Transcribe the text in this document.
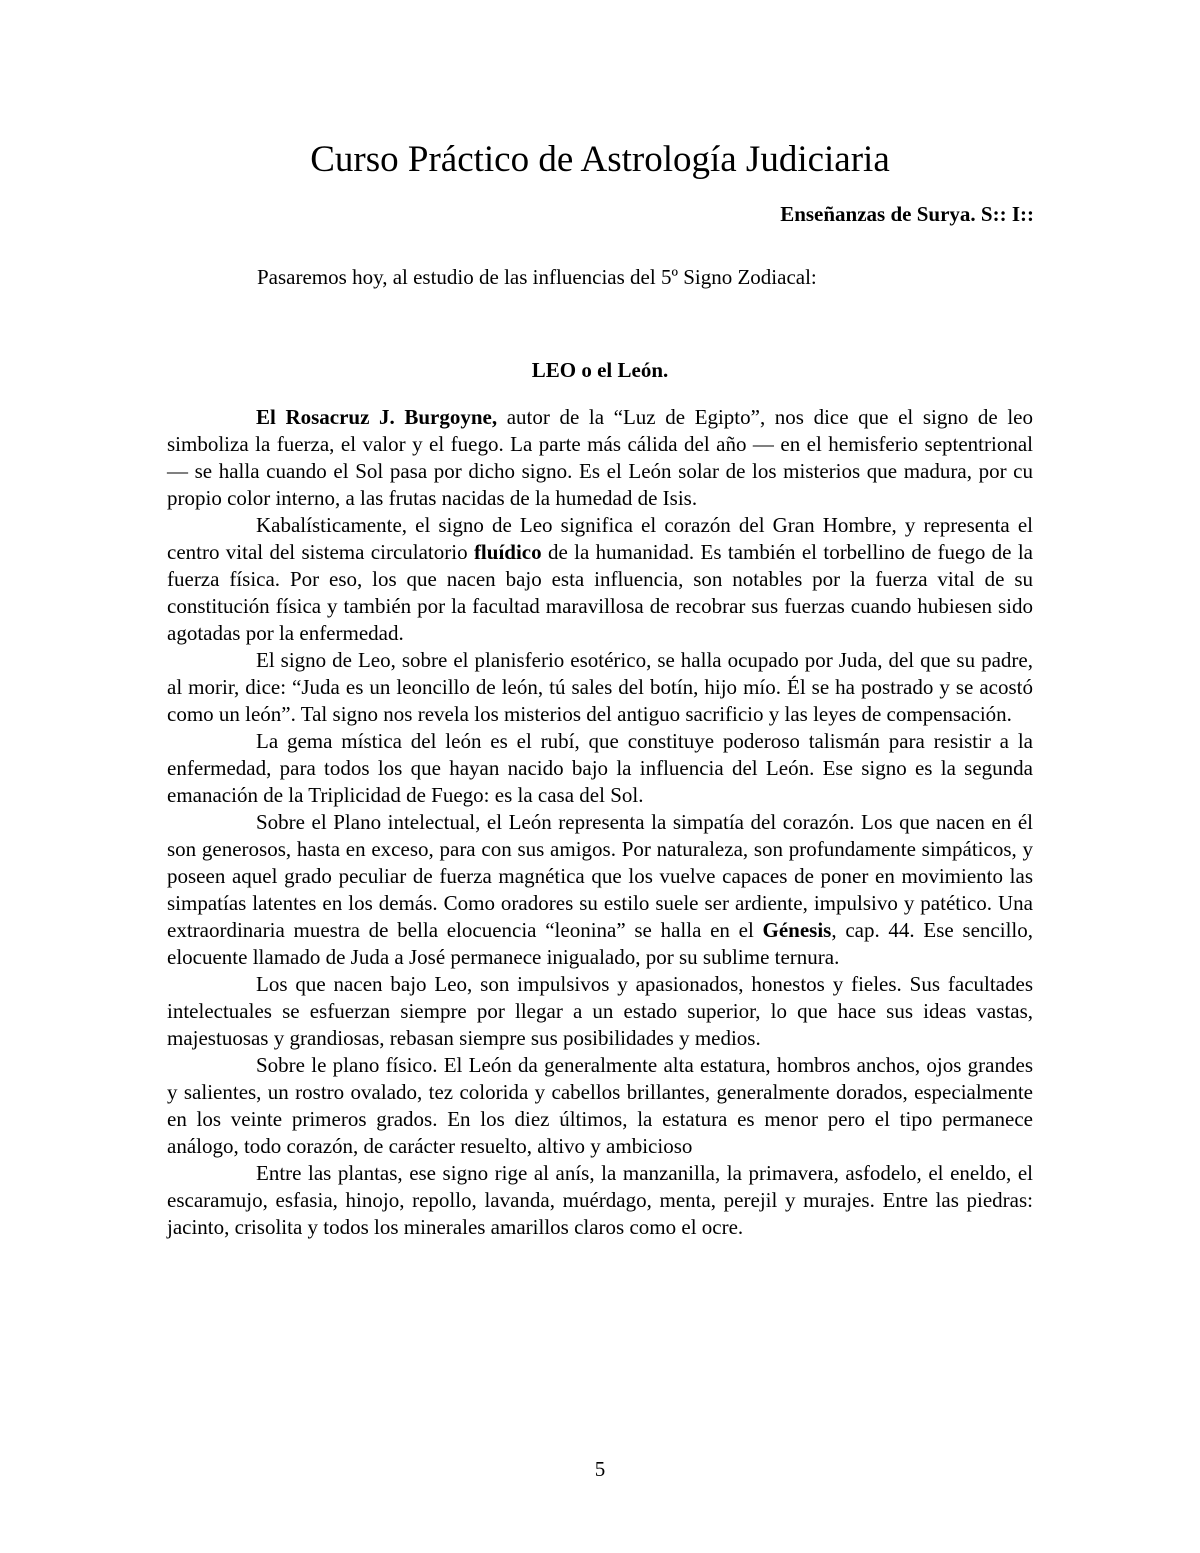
Curso Práctico de Astrología Judiciaria

Enseñanzas de Surya. S:: I::

Pasaremos hoy, al estudio de las influencias del 5º Signo Zodiacal:

LEO o el León.

El Rosacruz J. Burgoyne, autor de la “Luz de Egipto”, nos dice que el signo de leo simboliza la fuerza, el valor y el fuego. La parte más cálida del año — en el hemisferio septentrional — se halla cuando el Sol pasa por dicho signo. Es el León solar de los misterios que madura, por cu propio color interno, a las frutas nacidas de la humedad de Isis.

Kabalísticamente, el signo de Leo significa el corazón del Gran Hombre, y representa el centro vital del sistema circulatorio fluídico de la humanidad. Es también el torbellino de fuego de la fuerza física. Por eso, los que nacen bajo esta influencia, son notables por la fuerza vital de su constitución física y también por la facultad maravillosa de recobrar sus fuerzas cuando hubiesen sido agotadas por la enfermedad.

El signo de Leo, sobre el planisferio esotérico, se halla ocupado por Juda, del que su padre, al morir, dice: “Juda es un leoncillo de león, tú sales del botín, hijo mío. Él se ha postrado y se acostó como un león”. Tal signo nos revela los misterios del antiguo sacrificio y las leyes de compensación.

La gema mística del león es el rubí, que constituye poderoso talismán para resistir a la enfermedad, para todos los que hayan nacido bajo la influencia del León. Ese signo es la segunda emanación de la Triplicidad de Fuego: es la casa del Sol.

Sobre el Plano intelectual, el León representa la simpatía del corazón. Los que nacen en él son generosos, hasta en exceso, para con sus amigos. Por naturaleza, son profundamente simpáticos, y poseen aquel grado peculiar de fuerza magnética que los vuelve capaces de poner en movimiento las simpatías latentes en los demás. Como oradores su estilo suele ser ardiente, impulsivo y patético. Una extraordinaria muestra de bella elocuencia “leonina” se halla en el Génesis, cap. 44. Ese sencillo, elocuente llamado de Juda a José permanece inigualado, por su sublime ternura.

Los que nacen bajo Leo, son impulsivos y apasionados, honestos y fieles. Sus facultades intelectuales se esfuerzan siempre por llegar a un estado superior, lo que hace sus ideas vastas, majestuosas y grandiosas, rebasan siempre sus posibilidades y medios.

Sobre le plano físico. El León da generalmente alta estatura, hombros anchos, ojos grandes y salientes, un rostro ovalado, tez colorida y cabellos brillantes, generalmente dorados, especialmente en los veinte primeros grados. En los diez últimos, la estatura es menor pero el tipo permanece análogo, todo corazón, de carácter resuelto, altivo y ambicioso

Entre las plantas, ese signo rige al anís, la manzanilla, la primavera, asfodelo, el eneldo, el escaramujo, esfasia, hinojo, repollo, lavanda, muérdago, menta, perejil y murajes. Entre las piedras: jacinto, crisolita y todos los minerales amarillos claros como el ocre.

5
